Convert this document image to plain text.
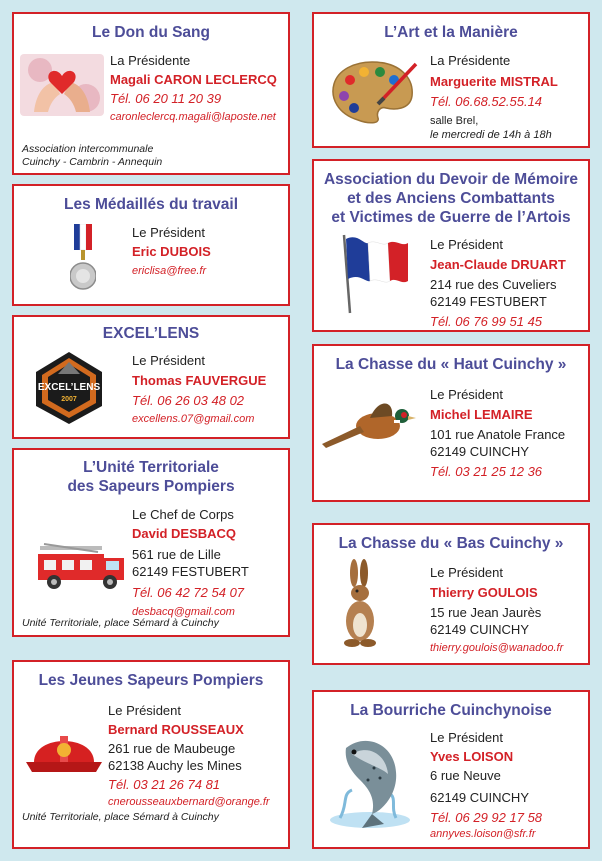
Le Don du Sang
La Présidente
Magali CARON LECLERCQ
Tél. 06 20 11 20 39
caronleclercq.magali@laposte.net
Association intercommunale
Cuinchy - Cambrin - Annequin
Les Médaillés du travail
Le Président
Eric DUBOIS
ericlisa@free.fr
EXCEL’LENS
EXCEL’LENS
2007
Le Président
Thomas FAUVERGUE
Tél. 06 26 03 48 02
excellens.07@gmail.com
L’Unité Territoriale
des Sapeurs Pompiers
Le Chef de Corps
David DESBACQ
561 rue de Lille
62149 FESTUBERT
Tél. 06 42 72 54 07
desbacq@gmail.com
Unité Territoriale, place Sémard à Cuinchy
Les Jeunes Sapeurs Pompiers
Le Président
Bernard ROUSSEAUX
261 rue de Maubeuge
62138 Auchy les Mines
Tél. 03 21 26 74 81
cnerousseauxbernard@orange.fr
Unité Territoriale, place Sémard à Cuinchy
L’Art et la Manière
La Présidente
Marguerite MISTRAL
Tél. 06.68.52.55.14
salle Brel,
le mercredi de 14h à 18h
Association du Devoir de Mémoire
et des Anciens Combattants
et Victimes de Guerre de l’Artois
Le Président
Jean-Claude DRUART
214 rue des Cuveliers
62149 FESTUBERT
Tél. 06 76 99 51 45
La Chasse du « Haut Cuinchy »
Le Président
Michel LEMAIRE
101 rue Anatole France
62149 CUINCHY
Tél. 03 21 25 12 36
La Chasse du « Bas Cuinchy »
Le Président
Thierry GOULOIS
15 rue Jean Jaurès
62149 CUINCHY
thierry.goulois@wanadoo.fr
La Bourriche Cuinchynoise
Le Président
Yves LOISON
6 rue Neuve
62149 CUINCHY
Tél. 06 29 92 17 58
annyves.loison@sfr.fr
